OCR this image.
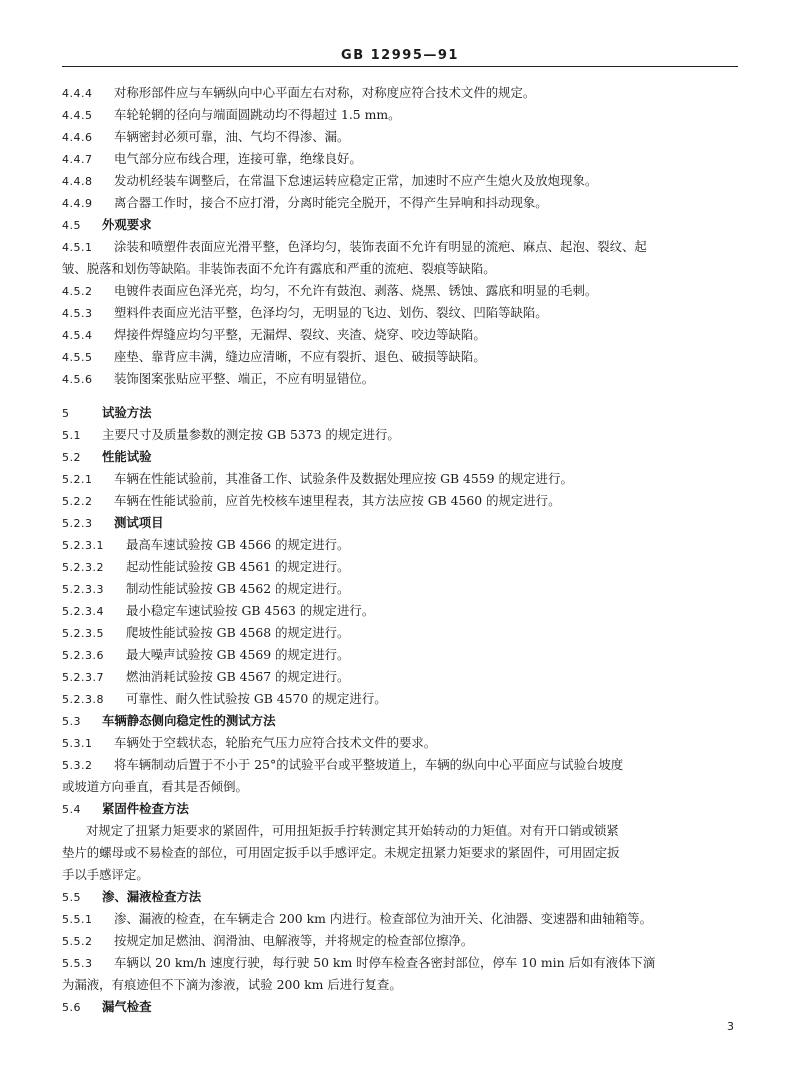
GB 12995—91
4.4.4 对称形部件应与车辆纵向中心平面左右对称，对称度应符合技术文件的规定。
4.4.5 车轮轮辋的径向与端面圆跳动均不得超过 1.5 mm。
4.4.6 车辆密封必须可靠，油、气均不得渗、漏。
4.4.7 电气部分应布线合理，连接可靠，绝缘良好。
4.4.8 发动机经装车调整后，在常温下怠速运转应稳定正常，加速时不应产生熄火及放炮现象。
4.4.9 离合器工作时，接合不应打滑，分离时能完全脱开，不得产生异响和抖动现象。
4.5 外观要求
4.5.1 涂装和喷塑件表面应光滑平整，色泽均匀，装饰表面不允许有明显的流疤、麻点、起泡、裂纹、起
皱、脱落和划伤等缺陷。非装饰表面不允许有露底和严重的流疤、裂痕等缺陷。
4.5.2 电镀件表面应色泽光亮，均匀，不允许有鼓泡、剥落、烧黑、锈蚀、露底和明显的毛刺。
4.5.3 塑料件表面应光洁平整，色泽均匀，无明显的飞边、划伤、裂纹、凹陷等缺陷。
4.5.4 焊接件焊缝应均匀平整，无漏焊、裂纹、夹渣、烧穿、咬边等缺陷。
4.5.5 座垫、靠背应丰满，缝边应清晰，不应有裂折、退色、破损等缺陷。
4.5.6 装饰图案张贴应平整、端正，不应有明显错位。
5	试验方法
5.1 主要尺寸及质量参数的测定按 GB 5373 的规定进行。
5.2 性能试验
5.2.1 车辆在性能试验前，其准备工作、试验条件及数据处理应按 GB 4559 的规定进行。
5.2.2 车辆在性能试验前，应首先校核车速里程表，其方法应按 GB 4560 的规定进行。
5.2.3 测试项目
5.2.3.1 最高车速试验按 GB 4566 的规定进行。
5.2.3.2 起动性能试验按 GB 4561 的规定进行。
5.2.3.3 制动性能试验按 GB 4562 的规定进行。
5.2.3.4 最小稳定车速试验按 GB 4563 的规定进行。
5.2.3.5 爬坡性能试验按 GB 4568 的规定进行。
5.2.3.6 最大噪声试验按 GB 4569 的规定进行。
5.2.3.7 燃油消耗试验按 GB 4567 的规定进行。
5.2.3.8 可靠性、耐久性试验按 GB 4570 的规定进行。
5.3 车辆静态侧向稳定性的测试方法
5.3.1 车辆处于空载状态，轮胎充气压力应符合技术文件的要求。
5.3.2 将车辆制动后置于不小于 25°的试验平台或平整坡道上，车辆的纵向中心平面应与试验台坡度
或坡道方向垂直，看其是否倾倒。
5.4 紧固件检查方法
对规定了扭紧力矩要求的紧固件，可用扭矩扳手拧转测定其开始转动的力矩值。对有开口销或锁紧
垫片的螺母或不易检查的部位，可用固定扳手以手感评定。未规定扭紧力矩要求的紧固件，可用固定扳
手以手感评定。
5.5 渗、漏液检查方法
5.5.1 渗、漏液的检查，在车辆走合 200 km 内进行。检查部位为油开关、化油器、变速器和曲轴箱等。
5.5.2 按规定加足燃油、润滑油、电解液等，并将规定的检查部位擦净。
5.5.3 车辆以 20 km/h 速度行驶，每行驶 50 km 时停车检查各密封部位，停车 10 min 后如有液体下滴
为漏液，有痕迹但不下滴为渗液，试验 200 km 后进行复查。
5.6 漏气检查
3
